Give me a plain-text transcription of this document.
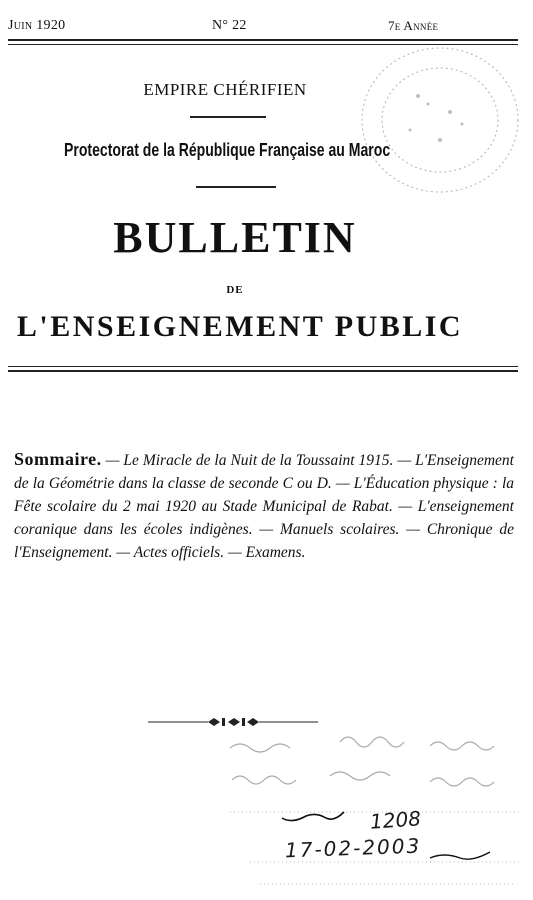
Juin 1920	N° 22	7e Année
EMPIRE CHÉRIFIEN
Protectorat de la République Française au Maroc
BULLETIN
DE
L'ENSEIGNEMENT PUBLIC

Sommaire. — Le Miracle de la Nuit de la Toussaint 1915. — L'Enseignement de la Géométrie dans la classe de seconde C ou D. — L'Éducation physique : la Fête scolaire du 2 mai 1920 au Stade Municipal de Rabat. — L'enseignement coranique dans les écoles indigènes. — Manuels scolaires. — Chronique de l'Enseignement. — Actes officiels. — Examens.

1208
17-02-2003
